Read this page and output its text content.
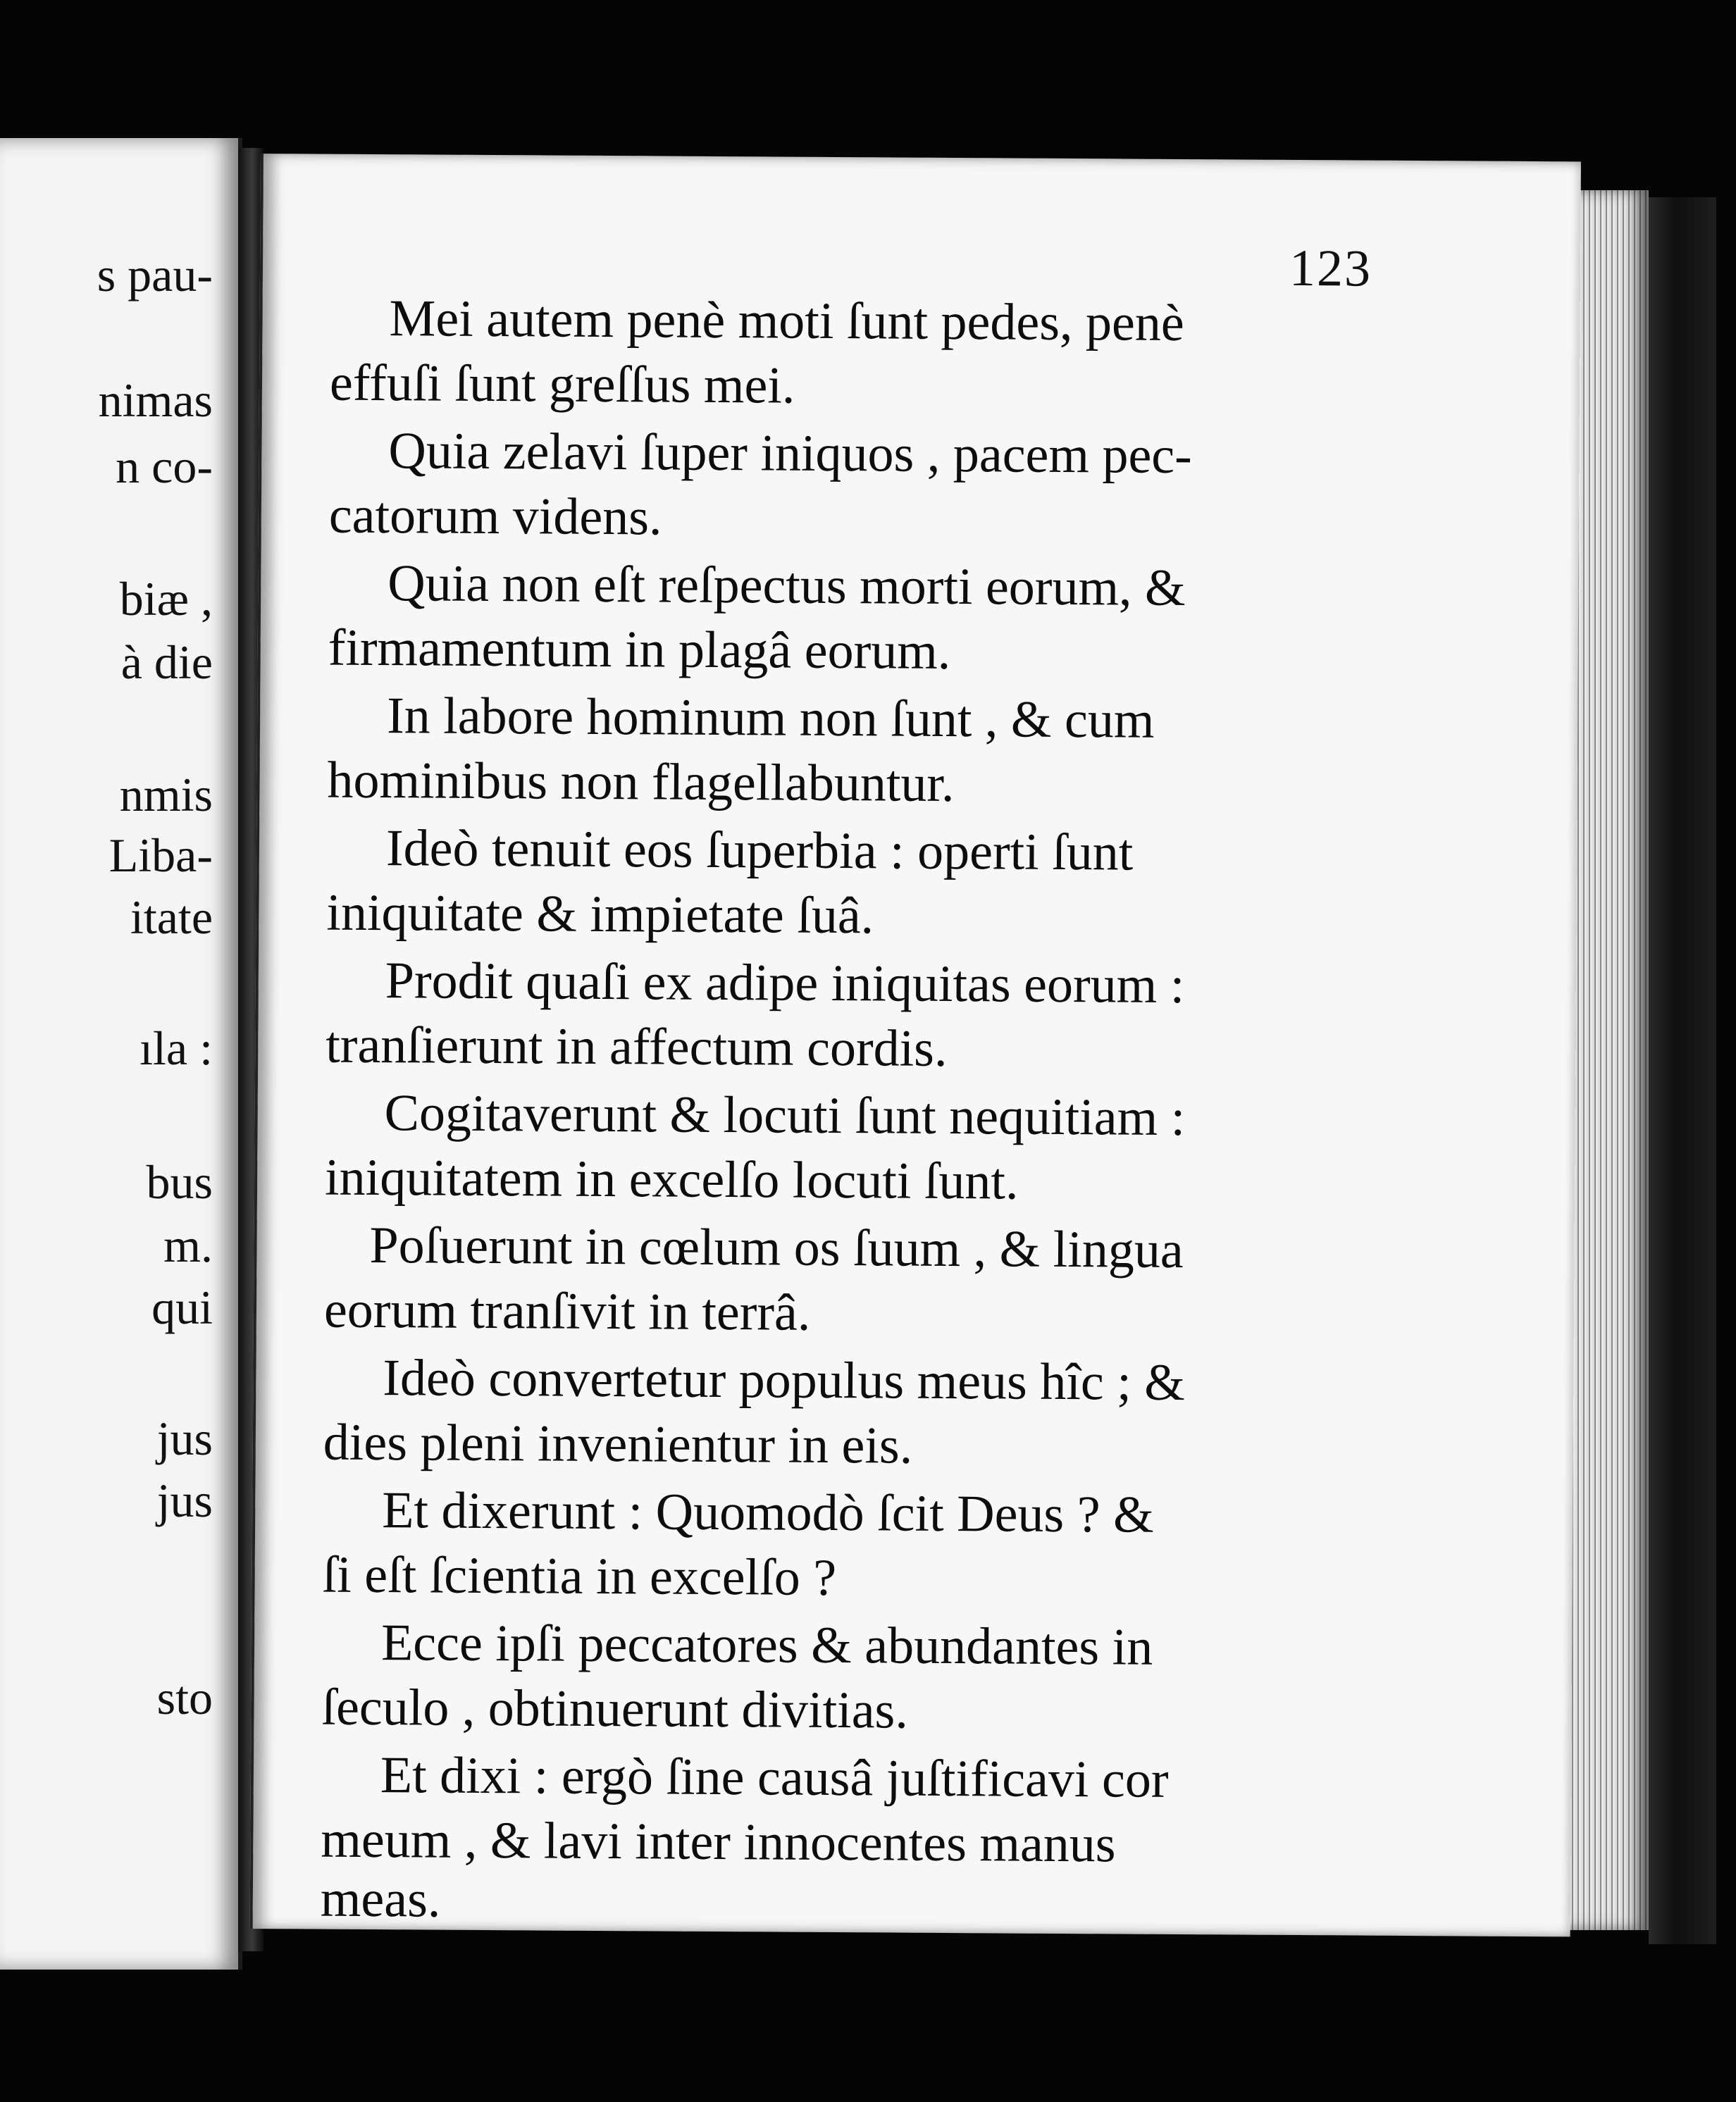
s pau-
nimas
n co-
biæ ,
à die
nmis
Liba-
itate
ıla :
bus
m.
qui
jus
jus
sto
123
Mei autem penè moti ſunt pedes, penè
effuſi ſunt greſſus mei.
Quia zelavi ſuper iniquos , pacem pec-
catorum videns.
Quia non eſt reſpectus morti eorum, &
firmamentum in plagâ eorum.
In labore hominum non ſunt , & cum
hominibus non flagellabuntur.
Ideò tenuit eos ſuperbia : operti ſunt
iniquitate & impietate ſuâ.
Prodit quaſi ex adipe iniquitas eorum :
tranſierunt in affectum cordis.
Cogitaverunt & locuti ſunt nequitiam :
iniquitatem in excelſo locuti ſunt.
Poſuerunt in cœlum os ſuum , & lingua
eorum tranſivit in terrâ.
Ideò convertetur populus meus hîc ; &
dies pleni invenientur in eis.
Et dixerunt : Quomodò ſcit Deus ? &
ſi eſt ſcientia in excelſo ?
Ecce ipſi peccatores & abundantes in
ſeculo , obtinuerunt divitias.
Et dixi : ergò ſine causâ juſtificavi cor
meum , & lavi inter innocentes manus
meas.
